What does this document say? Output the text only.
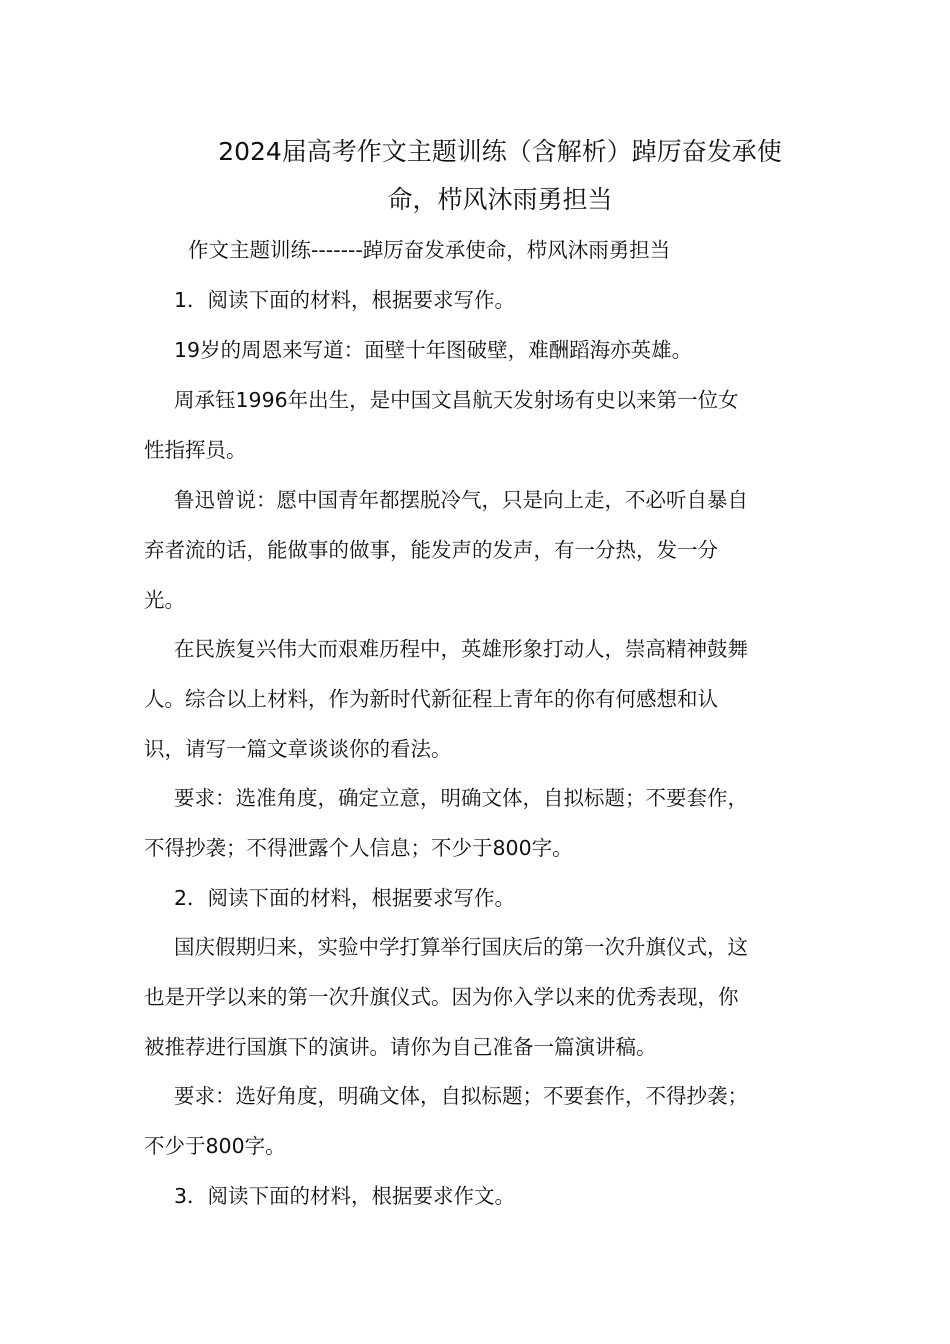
2024届高考作文主题训练（含解析）踔厉奋发承使
命，栉风沐雨勇担当

作文主题训练-------踔厉奋发承使命，栉风沐雨勇担当

1．阅读下面的材料，根据要求写作。

19岁的周恩来写道：面壁十年图破壁，难酬蹈海亦英雄。

周承钰1996年出生，是中国文昌航天发射场有史以来第一位女
性指挥员。

鲁迅曾说：愿中国青年都摆脱冷气，只是向上走，不必听自暴自
弃者流的话，能做事的做事，能发声的发声，有一分热，发一分
光。

在民族复兴伟大而艰难历程中，英雄形象打动人，崇高精神鼓舞
人。综合以上材料，作为新时代新征程上青年的你有何感想和认
识，请写一篇文章谈谈你的看法。

要求：选准角度，确定立意，明确文体，自拟标题；不要套作，
不得抄袭；不得泄露个人信息；不少于800字。

2．阅读下面的材料，根据要求写作。

国庆假期归来，实验中学打算举行国庆后的第一次升旗仪式，这
也是开学以来的第一次升旗仪式。因为你入学以来的优秀表现，你
被推荐进行国旗下的演讲。请你为自己准备一篇演讲稿。

要求：选好角度，明确文体，自拟标题；不要套作，不得抄袭；
不少于800字。

3．阅读下面的材料，根据要求作文。
